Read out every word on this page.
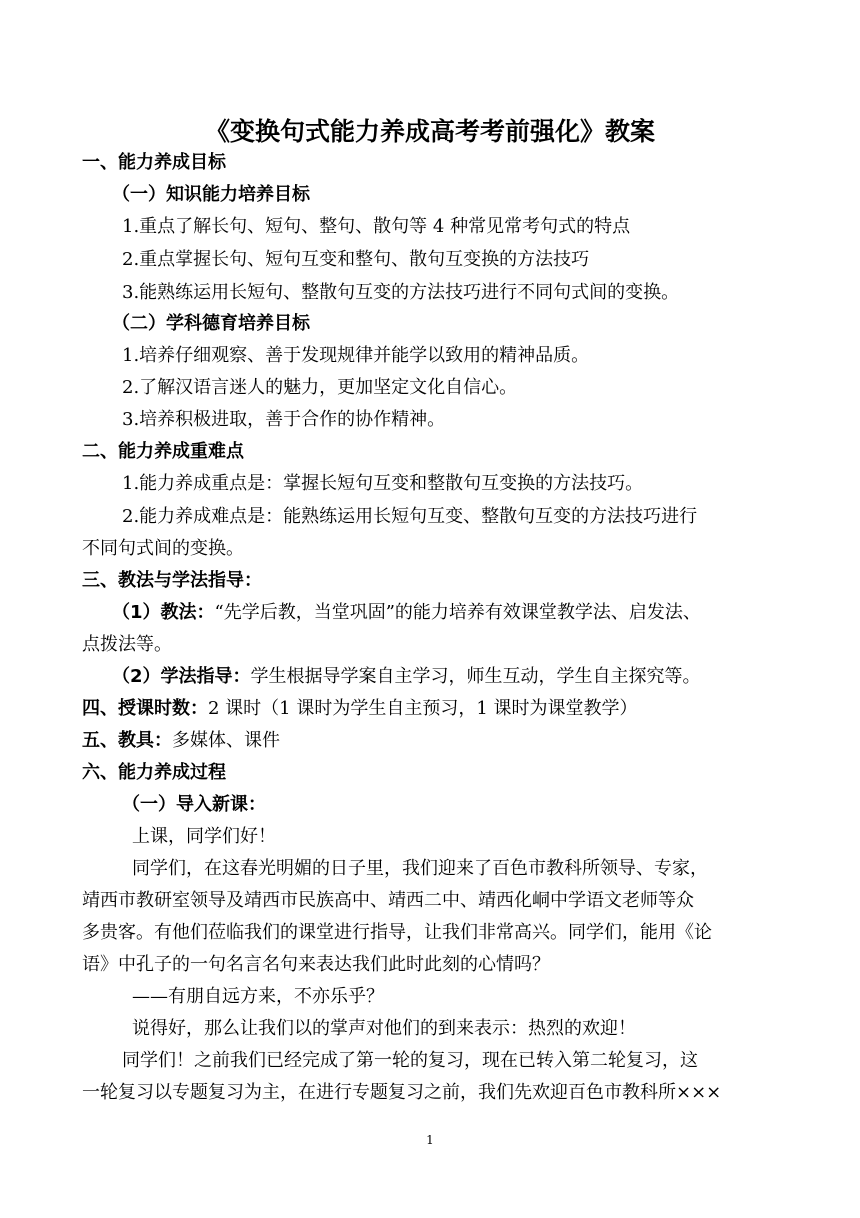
《变换句式能力养成高考考前强化》教案
一、能力养成目标
（一）知识能力培养目标
1.重点了解长句、短句、整句、散句等 4 种常见常考句式的特点
2.重点掌握长句、短句互变和整句、散句互变换的方法技巧
3.能熟练运用长短句、整散句互变的方法技巧进行不同句式间的变换。
（二）学科德育培养目标
1.培养仔细观察、善于发现规律并能学以致用的精神品质。
2.了解汉语言迷人的魅力，更加坚定文化自信心。
3.培养积极进取，善于合作的协作精神。
二、能力养成重难点
1.能力养成重点是：掌握长短句互变和整散句互变换的方法技巧。
2.能力养成难点是：能熟练运用长短句互变、整散句互变的方法技巧进行
不同句式间的变换。
三、教法与学法指导：
（1）教法：“先学后教，当堂巩固”的能力培养有效课堂教学法、启发法、
点拨法等。
（2）学法指导：学生根据导学案自主学习，师生互动，学生自主探究等。
四、授课时数：2 课时（1 课时为学生自主预习，1 课时为课堂教学）
五、教具：多媒体、课件
六、能力养成过程
（一）导入新课：
上课，同学们好！
同学们，在这春光明媚的日子里，我们迎来了百色市教科所领导、专家，
靖西市教研室领导及靖西市民族高中、靖西二中、靖西化峒中学语文老师等众
多贵客。有他们莅临我们的课堂进行指导，让我们非常高兴。同学们，能用《论
语》中孔子的一句名言名句来表达我们此时此刻的心情吗？
——有朋自远方来，不亦乐乎？
说得好，那么让我们以的掌声对他们的到来表示：热烈的欢迎！
同学们！之前我们已经完成了第一轮的复习，现在已转入第二轮复习，这
一轮复习以专题复习为主，在进行专题复习之前，我们先欢迎百色市教科所×××
1
